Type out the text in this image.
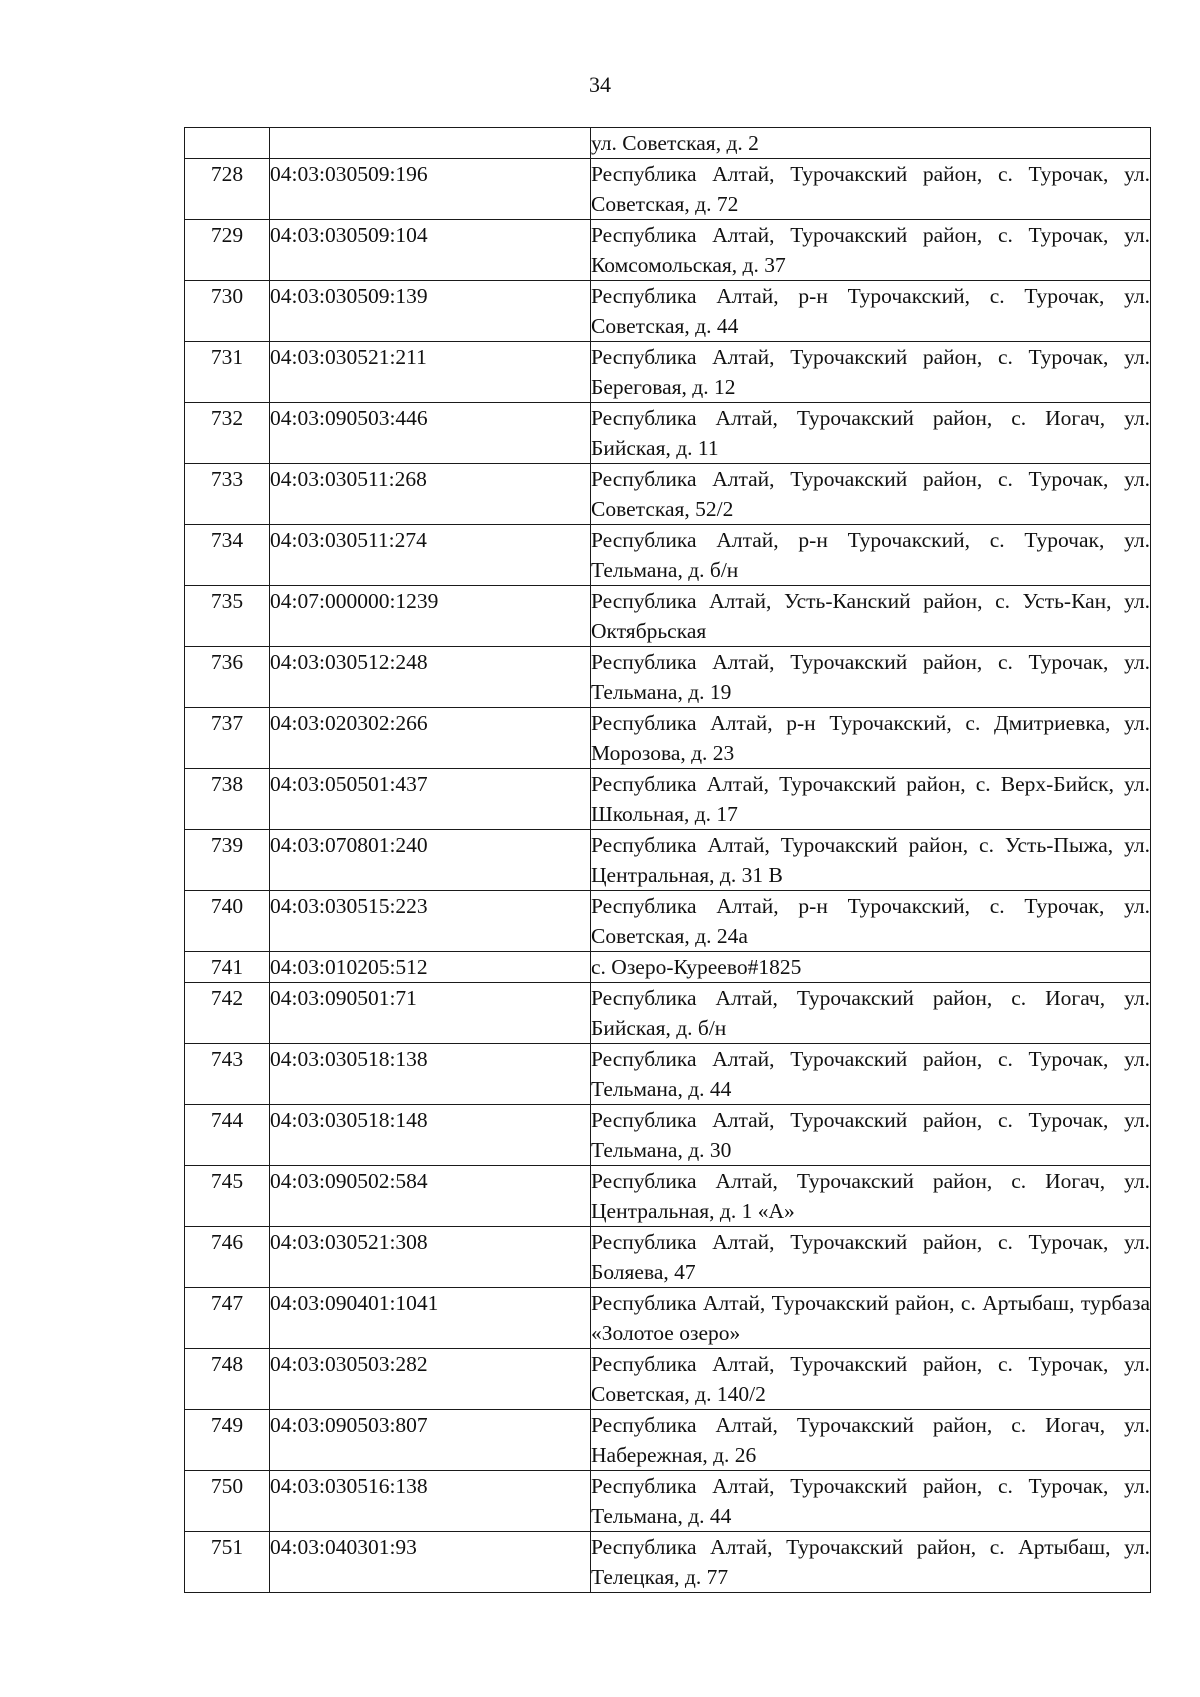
34
		ул. Советская, д. 2
728	04:03:030509:196	Республика Алтай, Турочакский район, с. Турочак, ул. Советская, д. 72
729	04:03:030509:104	Республика Алтай, Турочакский район, с. Турочак, ул. Комсомольская, д. 37
730	04:03:030509:139	Республика Алтай, р-н Турочакский, с. Турочак, ул. Советская, д. 44
731	04:03:030521:211	Республика Алтай, Турочакский район, с. Турочак, ул. Береговая, д. 12
732	04:03:090503:446	Республика Алтай, Турочакский район, с. Иогач, ул. Бийская, д. 11
733	04:03:030511:268	Республика Алтай, Турочакский район, с. Турочак, ул. Советская, 52/2
734	04:03:030511:274	Республика Алтай, р-н Турочакский, с. Турочак, ул. Тельмана, д. б/н
735	04:07:000000:1239	Республика Алтай, Усть-Канский район, с. Усть-Кан, ул. Октябрьская
736	04:03:030512:248	Республика Алтай, Турочакский район, с. Турочак, ул. Тельмана, д. 19
737	04:03:020302:266	Республика Алтай, р-н Турочакский, с. Дмитриевка, ул. Морозова, д. 23
738	04:03:050501:437	Республика Алтай, Турочакский район, с. Верх-Бийск, ул. Школьная, д. 17
739	04:03:070801:240	Республика Алтай, Турочакский район, с. Усть-Пыжа, ул. Центральная, д. 31 В
740	04:03:030515:223	Республика Алтай, р-н Турочакский, с. Турочак, ул. Советская, д. 24а
741	04:03:010205:512	с. Озеро-Куреево#1825
742	04:03:090501:71	Республика Алтай, Турочакский район, с. Иогач, ул. Бийская, д. б/н
743	04:03:030518:138	Республика Алтай, Турочакский район, с. Турочак, ул. Тельмана, д. 44
744	04:03:030518:148	Республика Алтай, Турочакский район, с. Турочак, ул. Тельмана, д. 30
745	04:03:090502:584	Республика Алтай, Турочакский район, с. Иогач, ул. Центральная, д. 1 «А»
746	04:03:030521:308	Республика Алтай, Турочакский район, с. Турочак, ул. Боляева, 47
747	04:03:090401:1041	Республика Алтай, Турочакский район, с. Артыбаш, турбаза «Золотое озеро»
748	04:03:030503:282	Республика Алтай, Турочакский район, с. Турочак, ул. Советская, д. 140/2
749	04:03:090503:807	Республика Алтай, Турочакский район, с. Иогач, ул. Набережная, д. 26
750	04:03:030516:138	Республика Алтай, Турочакский район, с. Турочак, ул. Тельмана, д. 44
751	04:03:040301:93	Республика Алтай, Турочакский район, с. Артыбаш, ул. Телецкая, д. 77
